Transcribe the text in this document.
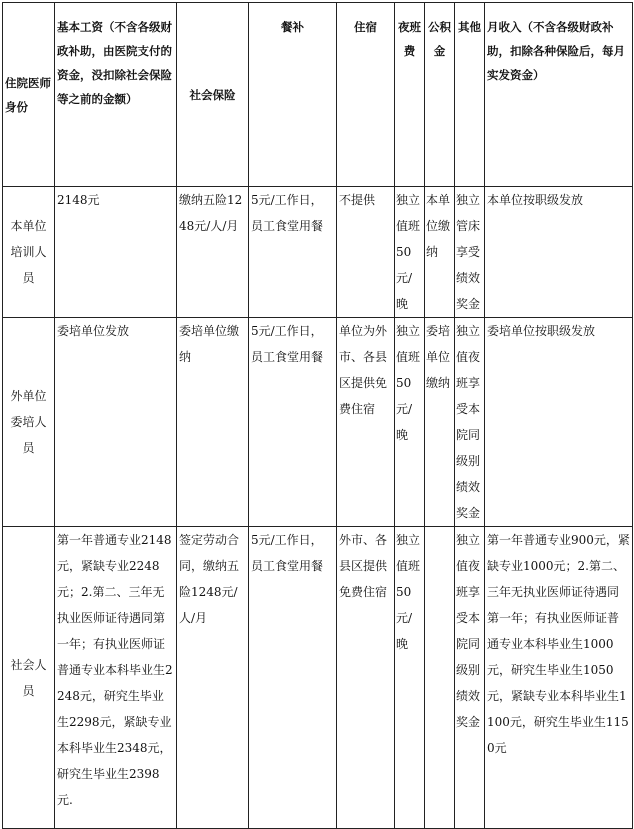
住院医师身份	基本工资（不含各级财政补助，由医院支付的资金，没扣除社会保险等之前的金额）	社会保险	餐补	住宿	夜班费	公积金	其他	月收入（不含各级财政补助，扣除各种保险后，每月实发资金）
本单位培训人员	2148元	缴纳五险1248元/人/月	5元/工作日，员工食堂用餐	不提供	独立值班50元/晚	本单位缴纳	独立管床享受绩效奖金	本单位按职级发放
外单位委培人员	委培单位发放	委培单位缴纳	5元/工作日，员工食堂用餐	单位为外市、各县区提供免费住宿	独立值班50元/晚	委培单位缴纳	独立值夜班享受本院同级别绩效奖金	委培单位按职级发放
社会人员	第一年普通专业2148元，紧缺专业2248元；2.第二、三年无执业医师证待遇同第一年；有执业医师证普通专业本科毕业生2248元，研究生毕业生2298元，紧缺专业本科毕业生2348元，研究生毕业生2398元.	签定劳动合同，缴纳五险1248元/人/月	5元/工作日，员工食堂用餐	外市、各县区提供免费住宿	独立值班50元/晚		独立值夜班享受本院同级别绩效奖金	第一年普通专业900元，紧缺专业1000元；2.第二、三年无执业医师证待遇同第一年；有执业医师证普通专业本科毕业生1000元，研究生毕业生1050元，紧缺专业本科毕业生1100元，研究生毕业生1150元
